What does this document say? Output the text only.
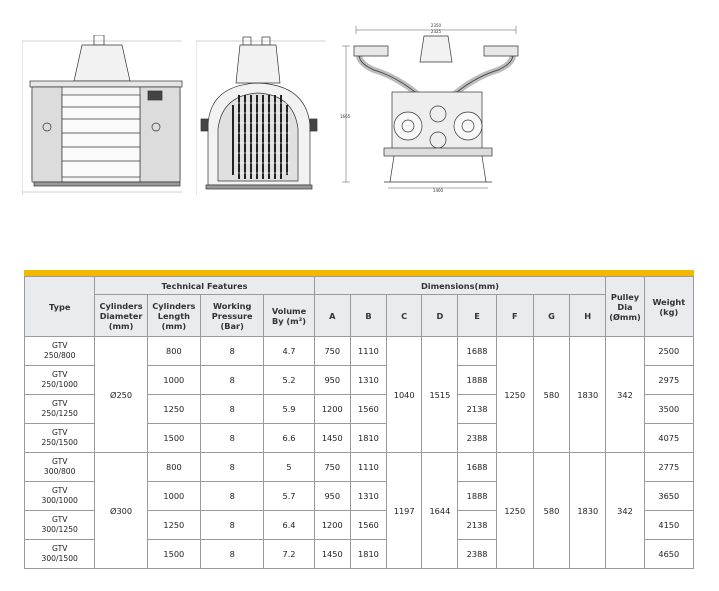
2350
2325
1665
1400
Type	Technical Features				Dimensions(mm)								Pulley Dia (Ømm)	Weight (kg)
	Cylinders Diameter (mm)	Cylinders Length (mm)	Working Pressure (Bar)	Volume By (m³)	A	B	C	D	E	F	G	H		

GTV
250/800	Ø250	800	8	4.7	750	1110	1040	1515	1688	1250	580	1830	342	2500

GTV
250/1000		1000	8	5.2	950	1310			1888					2975

GTV
250/1250		1250	8	5.9	1200	1560			2138					3500

GTV
250/1500		1500	8	6.6	1450	1810			2388					4075

GTV
300/800	Ø300	800	8	5	750	1110	1197	1644	1688	1250	580	1830	342	2775

GTV
300/1000		1000	8	5.7	950	1310			1888					3650

GTV
300/1250		1250	8	6.4	1200	1560			2138					4150

GTV
300/1500		1500	8	7.2	1450	1810			2388					4650
